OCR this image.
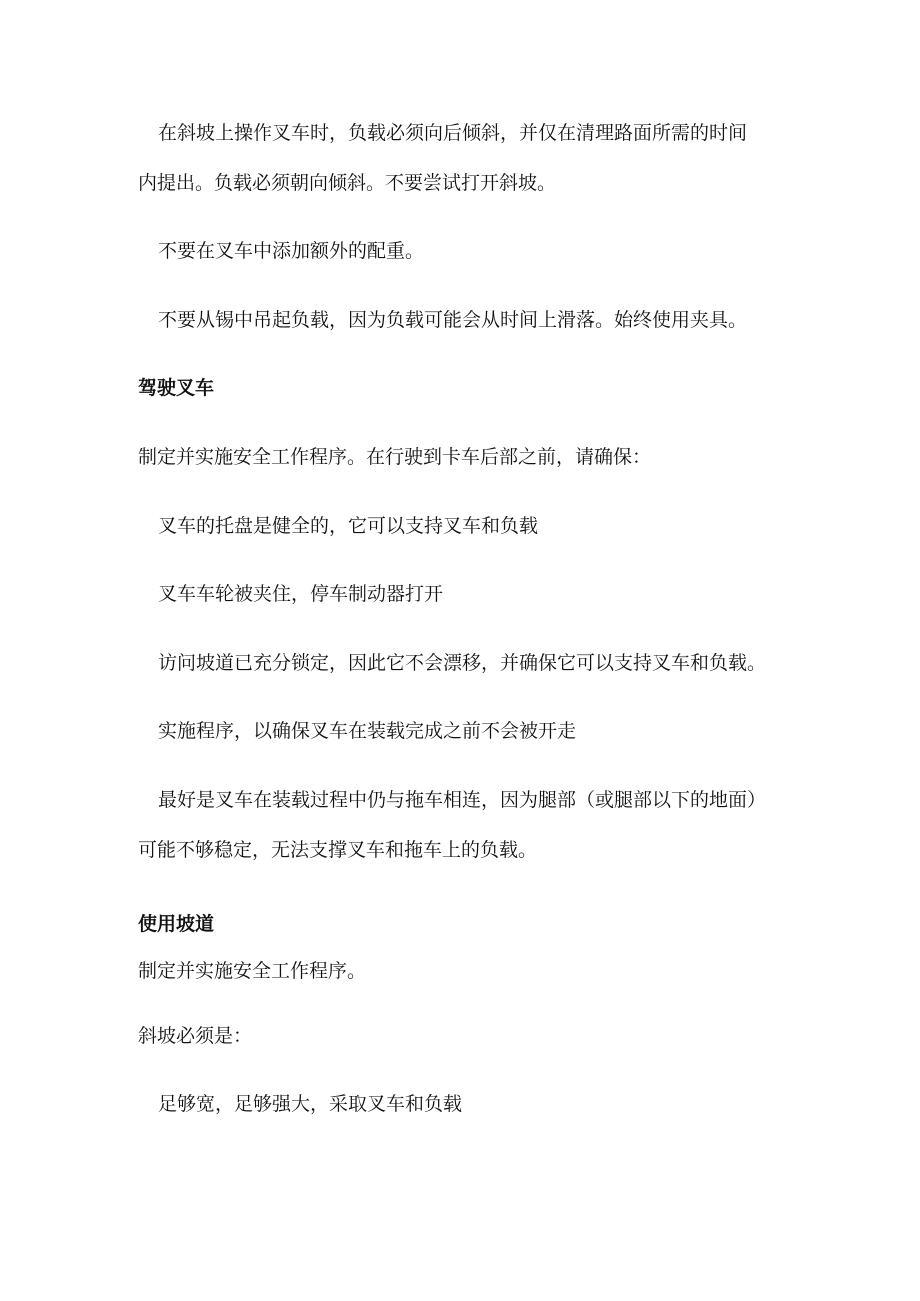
在斜坡上操作叉车时，负载必须向后倾斜，并仅在清理路面所需的时间
内提出。负载必须朝向倾斜。不要尝试打开斜坡。
不要在叉车中添加额外的配重。
不要从锡中吊起负载，因为负载可能会从时间上滑落。始终使用夹具。
驾驶叉车
制定并实施安全工作程序。在行驶到卡车后部之前，请确保：
叉车的托盘是健全的，它可以支持叉车和负载
叉车车轮被夹住，停车制动器打开
访问坡道已充分锁定，因此它不会漂移，并确保它可以支持叉车和负载。
实施程序，以确保叉车在装载完成之前不会被开走
最好是叉车在装载过程中仍与拖车相连，因为腿部（或腿部以下的地面）
可能不够稳定，无法支撑叉车和拖车上的负载。
使用坡道
制定并实施安全工作程序。
斜坡必须是：
足够宽，足够强大，采取叉车和负载
